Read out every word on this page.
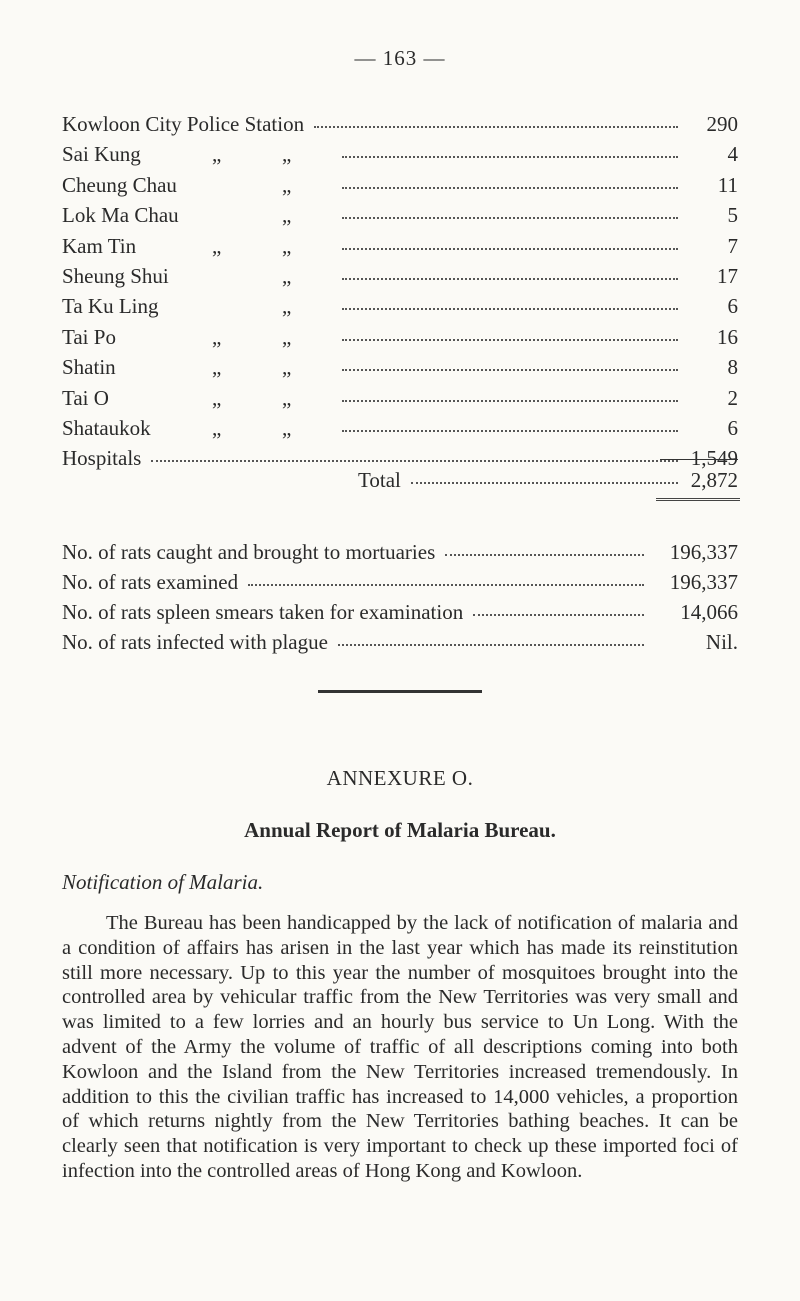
— 163 —
Kowloon City Police Station	290
Sai Kung	„	„	4
Cheung Chau	„	11
Lok Ma Chau	„	5
Kam Tin	„	„	7
Sheung Shui	„	17
Ta Ku Ling	„	6
Tai Po	„	„	16
Shatin	„	„	8
Tai O	„	„	2
Shataukok	„	„	6
Hospitals	1,549
Total	2,872
No. of rats caught and brought to mortuaries	196,337
No. of rats examined	196,337
No. of rats spleen smears taken for examination	14,066
No. of rats infected with plague	Nil.
ANNEXURE O.
Annual Report of Malaria Bureau.
Notification of Malaria.

The Bureau has been handicapped by the lack of notification of malaria and a condition of affairs has arisen in the last year which has made its reinstitution still more necessary. Up to this year the number of mosquitoes brought into the controlled area by vehicular traffic from the New Territories was very small and was limited to a few lorries and an hourly bus service to Un Long. With the advent of the Army the volume of traffic of all descriptions coming into both Kowloon and the Island from the New Territories increased tremendously. In addition to this the civilian traffic has increased to 14,000 vehicles, a proportion of which returns nightly from the New Territories bathing beaches. It can be clearly seen that notification is very important to check up these imported foci of infection into the controlled areas of Hong Kong and Kowloon.
